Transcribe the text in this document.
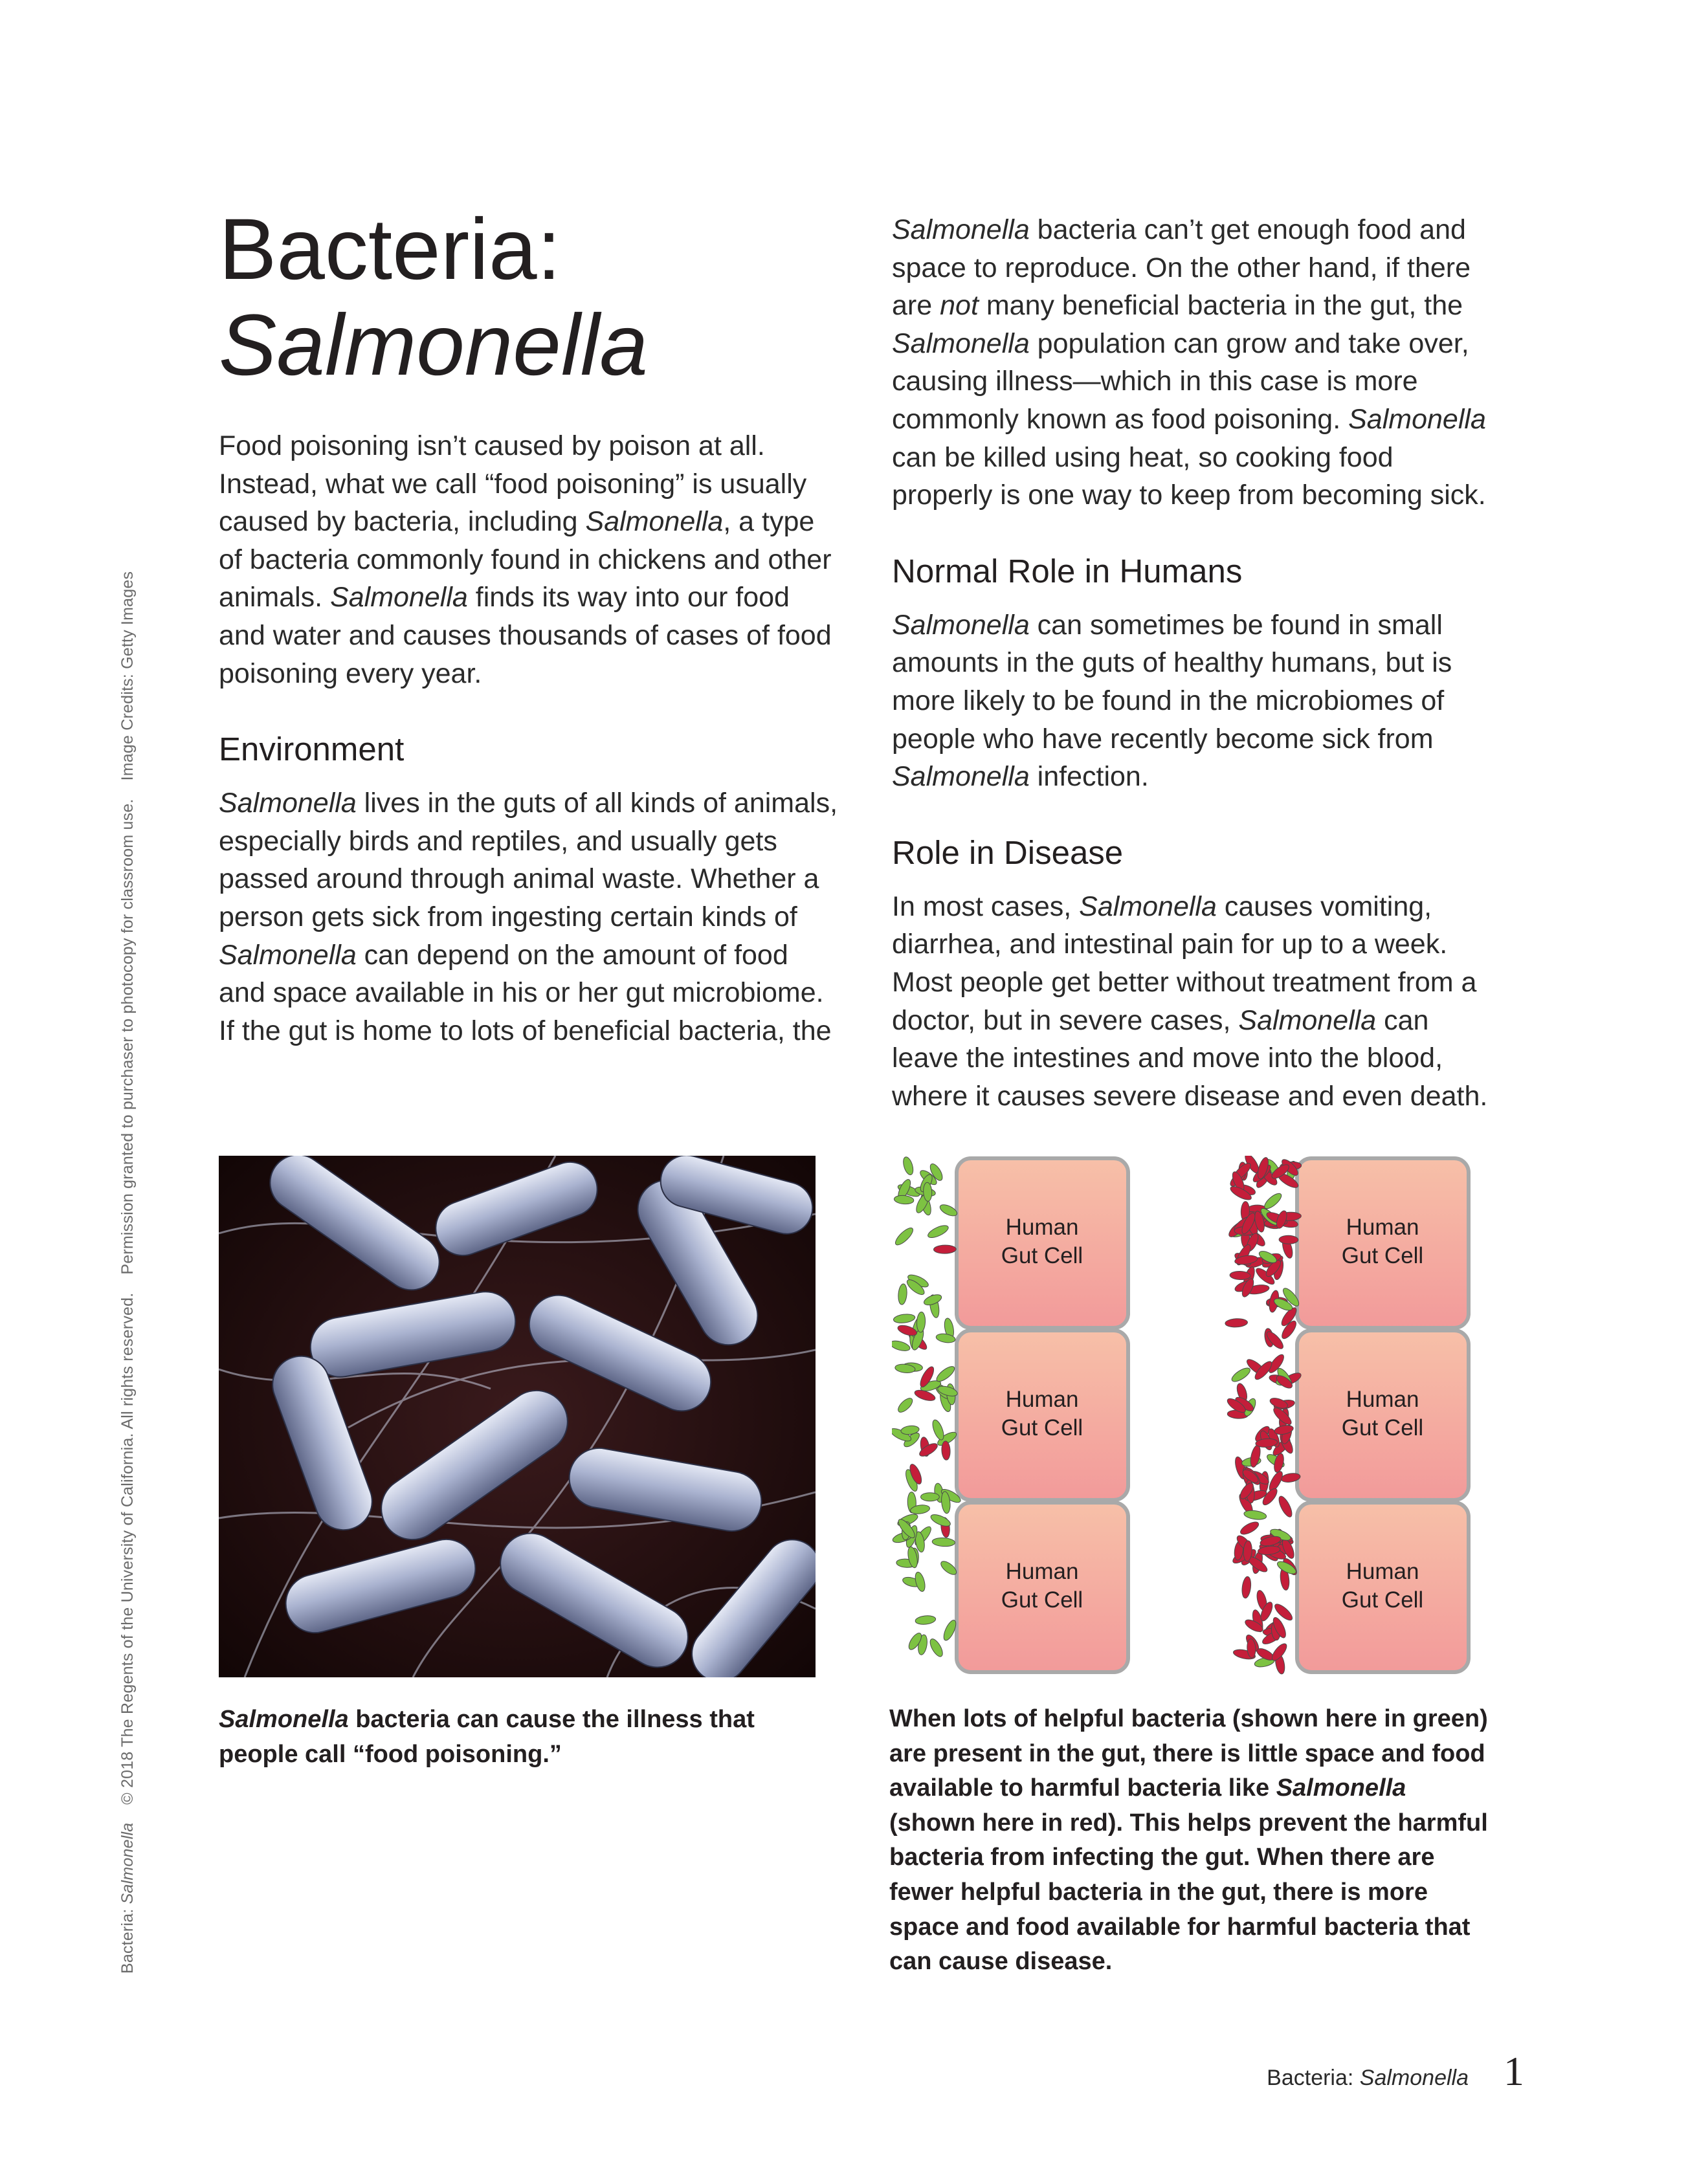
Bacteria: Salmonella© 2018 The Regents of the University of California. All rights reserved.Permission granted to purchaser to photocopy for classroom use.Image Credits: Getty Images
Bacteria:
Salmonella

Food poisoning isn’t caused by poison at all. Instead, what we call “food poisoning” is usually caused by bacteria, including Salmonella, a type of bacteria commonly found in chickens and other animals. Salmonella finds its way into our food and water and causes thousands of cases of food poisoning every year.

Environment

Salmonella lives in the guts of all kinds of animals, especially birds and reptiles, and usually gets passed around through animal waste. Whether a person gets sick from ingesting certain kinds of Salmonella can depend on the amount of food and space available in his or her gut microbiome. If the gut is home to lots of beneficial bacteria, the

Salmonella bacteria can’t get enough food and space to reproduce. On the other hand, if there are not many beneficial bacteria in the gut, the Salmonella population can grow and take over, causing illness—which in this case is more commonly known as food poisoning. Salmonella can be killed using heat, so cooking food properly is one way to keep from becoming sick.

Normal Role in Humans

Salmonella can sometimes be found in small amounts in the guts of healthy humans, but is more likely to be found in the microbiomes of people who have recently become sick from Salmonella infection.

Role in Disease

In most cases, Salmonella causes vomiting, diarrhea, and intestinal pain for up to a week. Most people get better without treatment from a doctor, but in severe cases, Salmonella can leave the intestines and move into the blood, where it causes severe disease and even death.

Salmonella bacteria can cause the illness that people call “food poisoning.”
Human
Gut Cell
Human
Gut Cell
Human
Gut Cell
Human
Gut Cell
Human
Gut Cell
Human
Gut Cell
When lots of helpful bacteria (shown here in green) are present in the gut, there is little space and food available to harmful bacteria like Salmonella (shown here in red). This helps prevent the harmful bacteria from infecting the gut. When there are fewer helpful bacteria in the gut, there is more space and food available for harmful bacteria that can cause disease.
Bacteria: Salmonella 1
